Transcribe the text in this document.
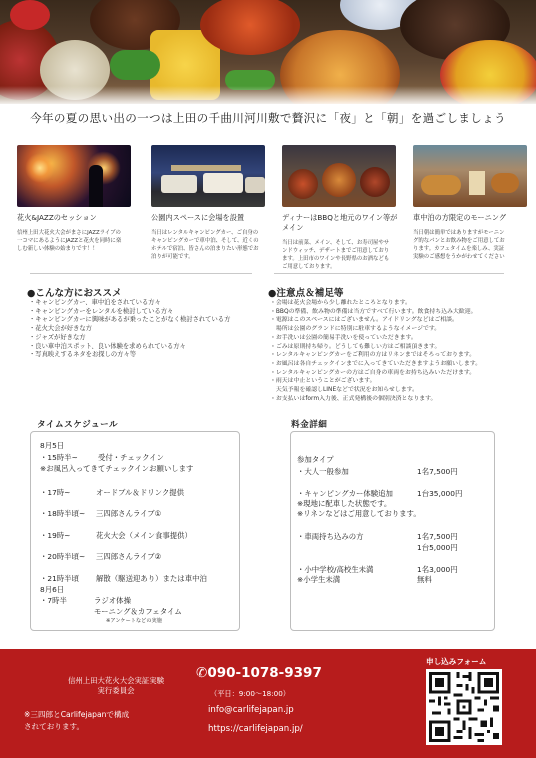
今年の夏の思い出の一つは上田の千曲川河川敷で贅沢に「夜」と「朝」を過ごしましょう
花火&JAZZのセッション
信州上田大花火大会がまさにJAZZライブの
一コマにあるようにJAZZと花火を同時に楽
しむ新しい体験の始まりです！！
公園内スペースに会場を設置
当日はレンタルキャンピングカー、ご自身の
キャンピングカーで車中泊、そして、近くの
ホテルで宿泊、皆さんの泊まりたい形態でお
泊りが可能です。
ディナーはBBQと地元のワイン等がメイン
当日は前菜、メイン、そして、お寿司屋やサ
ンドウィッチ、デザートまでご用意しており
ます。上田市のワインや長野県のお酒なども
ご用意しております。
車中泊の方限定のモーニング
当日朝は簡単ではありますがモーニン
グ的なパンとお飲み物をご用意してお
ります。カフェタイムを楽しみ、実証
実験のご感想をうかがわせてください
●こんな方におススメ
・キャンピングカー、車中泊をされている方々
・キャンピングカーをレンタルを検討している方々
・キャンピングカーに興味があるが乗ったことがなく検討されている方
・花火大会が好きな方
・ジャズが好きな方
・良い車中泊スポット、良い体験を求められている方々
・写真映えするネタをお探しの方々等
●注意点＆補足等
・会場は花火会場から少し離れたところとなります。
・BBQの準備、飲み物の準備は当方ですべて行います。飲食持ち込み大歓迎。
・電源はこのスペースにはございません。アイドリングなどはご相談。
　場所は公園のグランドに特別に駐車するようなイメージです。
・お手洗いは公園の簡易手洗いを使っていただきます。
・ごみは原則持ち帰り。どうしても難しい方はご相談頂きます。
・レンタルキャンピングカーをご利用の方はリネンまではそろっております。
・お風呂は各自チェックインまでに入ってきていただきますようお願いします。
・レンタルキャンピングカーの方はご自身の車両をお持ち込みいただけます。
・雨天は中止ということがございます。
　天気予報を確認しLINEなどで状況をお知らせします。
・お支払いはform入力後、正式発構後の個別決済となります。
タイムスケジュール
8月5日
・15時半~	受付・チェックイン
※お風呂入ってきてチェックインお願いします
・17時~	オードブル＆ドリンク提供
・18時半頃~ 三四郎さんライブ①
・19時~	花火大会（メイン食事提供）
・20時半頃~ 三四郎さんライブ②
・21時半頃 解散（駆送迎あり）または車中泊
8月6日
・7時半	ラジオ体操
モーニング＆カフェタイム
※アンケートなどの実施
料金詳細
参加タイプ
・大人一般参加	1名7,500円
・キャンピングカー体験追加	1台35,000円
※現地に配車した状態です。
※リネンなどはご用意しております。
・車両持ち込みの方	1名7,500円
1台5,000円
・小中学校/高校生未満	1名3,000円
※小学生未満	無料
信州上田大花火大会実証実験
実行委員会
※三四郎とCarlifejapanで構成
されております。
✆090-1078-9397
（平日：9:00～18:00）
info@carlifejapan.jp
https://carlifejapan.jp/
申し込みフォーム
